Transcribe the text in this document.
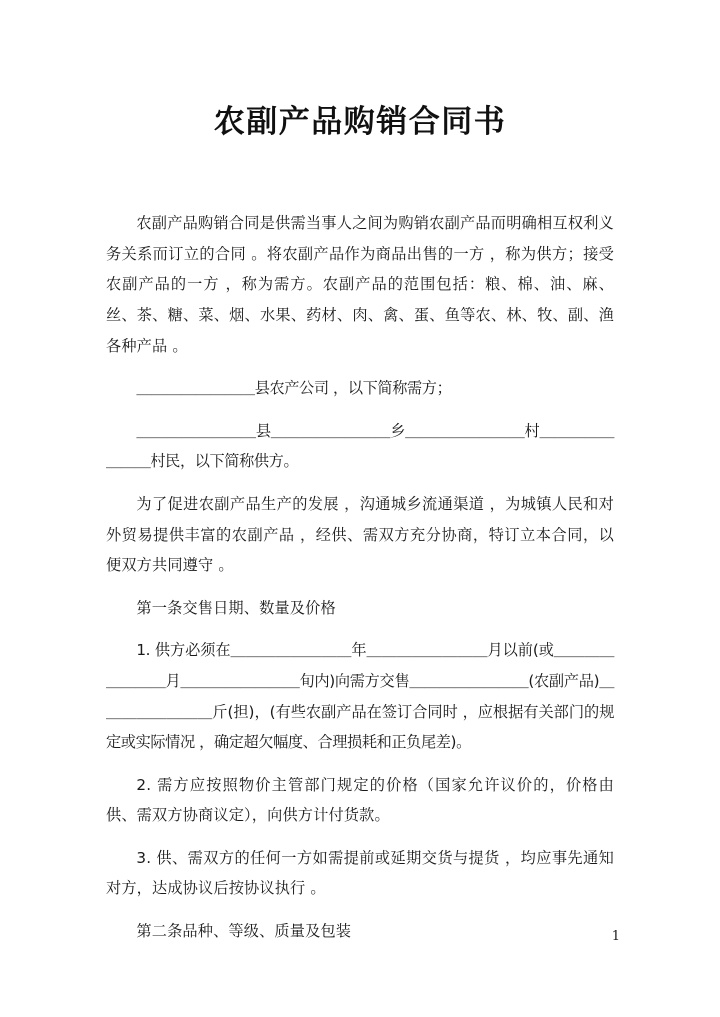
农副产品购销合同书

农副产品购销合同是供需当事人之间为购销农副产品而明确相互权利义务关系而订立的合同 。将农副产品作为商品出售的一方 ，称为供方；接受农副产品的一方 ，称为需方。农副产品的范围包括：粮、棉、油、麻、丝、茶、糖、菜、烟、水果、药材、肉、禽、蛋、鱼等农、林、牧、副、渔各种产品 。

＿＿＿＿＿＿＿＿县农产公司 ，以下简称需方；

＿＿＿＿＿＿＿＿县＿＿＿＿＿＿＿＿乡＿＿＿＿＿＿＿＿村＿＿＿＿＿＿＿＿村民，以下简称供方。

为了促进农副产品生产的发展 ，沟通城乡流通渠道 ，为城镇人民和对外贸易提供丰富的农副产品 ，经供、需双方充分协商，特订立本合同，以便双方共同遵守 。

第一条交售日期、数量及价格

1. 供方必须在＿＿＿＿＿＿＿＿年＿＿＿＿＿＿＿＿月以前(或＿＿＿＿＿＿＿＿月＿＿＿＿＿＿＿＿旬内)向需方交售＿＿＿＿＿＿＿＿(农副产品)＿＿＿＿＿＿＿＿斤(担)，(有些农副产品在签订合同时 ，应根据有关部门的规定或实际情况 ，确定超欠幅度、合理损耗和正负尾差)。

2. 需方应按照物价主管部门规定的价格（国家允许议价的，价格由供、需双方协商议定），向供方计付货款。

3. 供、需双方的任何一方如需提前或延期交货与提货 ，均应事先通知对方，达成协议后按协议执行 。

第二条品种、等级、质量及包装	1
